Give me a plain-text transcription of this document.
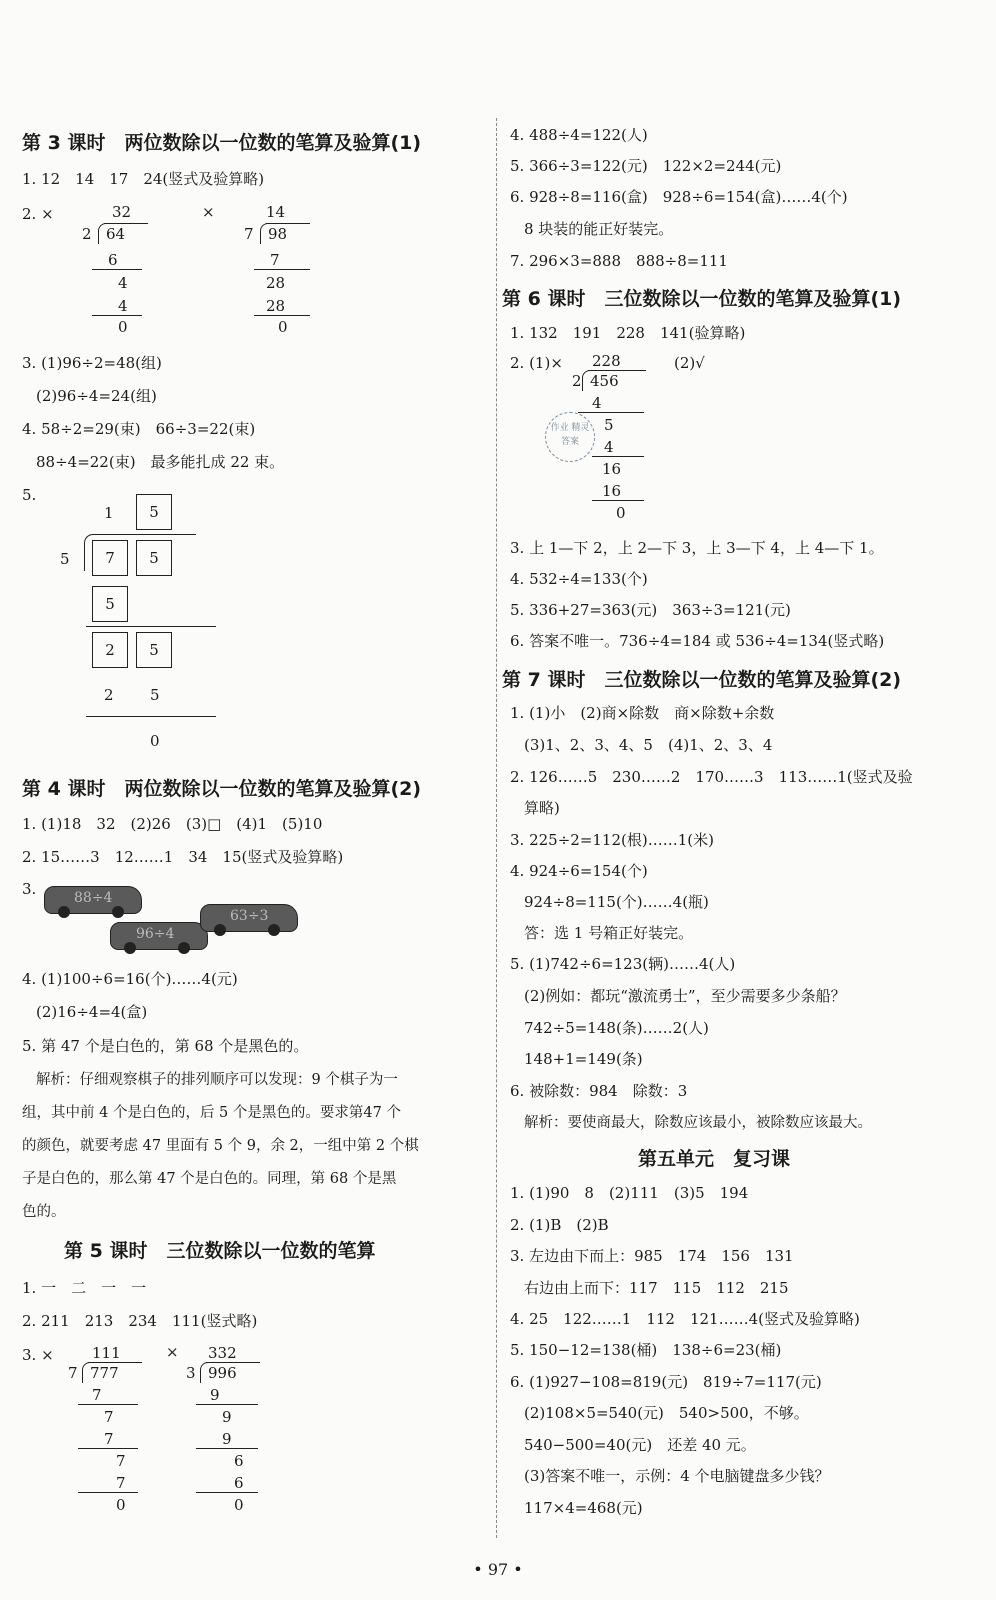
第 3 课时　两位数除以一位数的笔算及验算(1)
1. 12　14　17　24(竖式及验算略)
2. ×	×
32
2 64
6
4
4
0
14
7 98
7
28
28
0
3. (1)96÷2=48(组)
(2)96÷4=24(组)
4. 58÷2=29(束)　66÷3=22(束)
88÷4=22(束)　最多能扎成 22 束。
5.
1	5
5	7	5
5
2	5
2 5
0
第 4 课时　两位数除以一位数的笔算及验算(2)
1. (1)18　32　(2)26　(3)□　(4)1　(5)10
2. 15……3　12……1　34　15(竖式及验算略)
3.	88÷4
96÷4
63÷3
4. (1)100÷6=16(个)……4(元)
(2)16÷4=4(盒)
5. 第 47 个是白色的，第 68 个是黑色的。
解析：仔细观察棋子的排列顺序可以发现：9 个棋子为一
组，其中前 4 个是白色的，后 5 个是黑色的。要求第47 个
的颜色，就要考虑 47 里面有 5 个 9，余 2，一组中第 2 个棋
子是白色的，那么第 47 个是白色的。同理，第 68 个是黑
色的。
第 5 课时　三位数除以一位数的笔算
1. 一　二　一　一
2. 211　213　234　111(竖式略)
3. ×	×
111
7 777
7
7
7
7
7
0
332
3 996
9
9
9
6
6
0
4. 488÷4=122(人)
5. 366÷3=122(元)　122×2=244(元)
6. 928÷8=116(盒)　928÷6=154(盒)……4(个)
8 块装的能正好装完。
7. 296×3=888　888÷8=111
第 6 课时　三位数除以一位数的笔算及验算(1)
1. 132　191　228　141(验算略)
2. (1)×	(2)√
228
2 456
4
5
4
16
16
0
3. 上 1—下 2，上 2—下 3，上 3—下 4，上 4—下 1。
4. 532÷4=133(个)
5. 336+27=363(元)　363÷3=121(元)
6. 答案不唯一。736÷4=184 或 536÷4=134(竖式略)
第 7 课时　三位数除以一位数的笔算及验算(2)
1. (1)小　(2)商×除数　商×除数+余数
(3)1、2、3、4、5　(4)1、2、3、4
2. 126……5　230……2　170……3　113……1(竖式及验
算略)
3. 225÷2=112(根)……1(米)
4. 924÷6=154(个)
924÷8=115(个)……4(瓶)
答：选 1 号箱正好装完。
5. (1)742÷6=123(辆)……4(人)
(2)例如：都玩“激流勇士”，至少需要多少条船？
742÷5=148(条)……2(人)
148+1=149(条)
6. 被除数：984　除数：3
解析：要使商最大，除数应该最小，被除数应该最大。
第五单元　复习课
1. (1)90　8　(2)111　(3)5　194
2. (1)B　(2)B
3. 左边由下而上：985　174　156　131
右边由上而下：117　115　112　215
4. 25　122……1　112　121……4(竖式及验算略)
5. 150−12=138(桶)　138÷6=23(桶)
6. (1)927−108=819(元)　819÷7=117(元)
(2)108×5=540(元)　540>500，不够。
540−500=40(元)　还差 40 元。
(3)答案不唯一，示例：4 个电脑键盘多少钱？
117×4=468(元)
作业 精灵 答案
• 97 •
